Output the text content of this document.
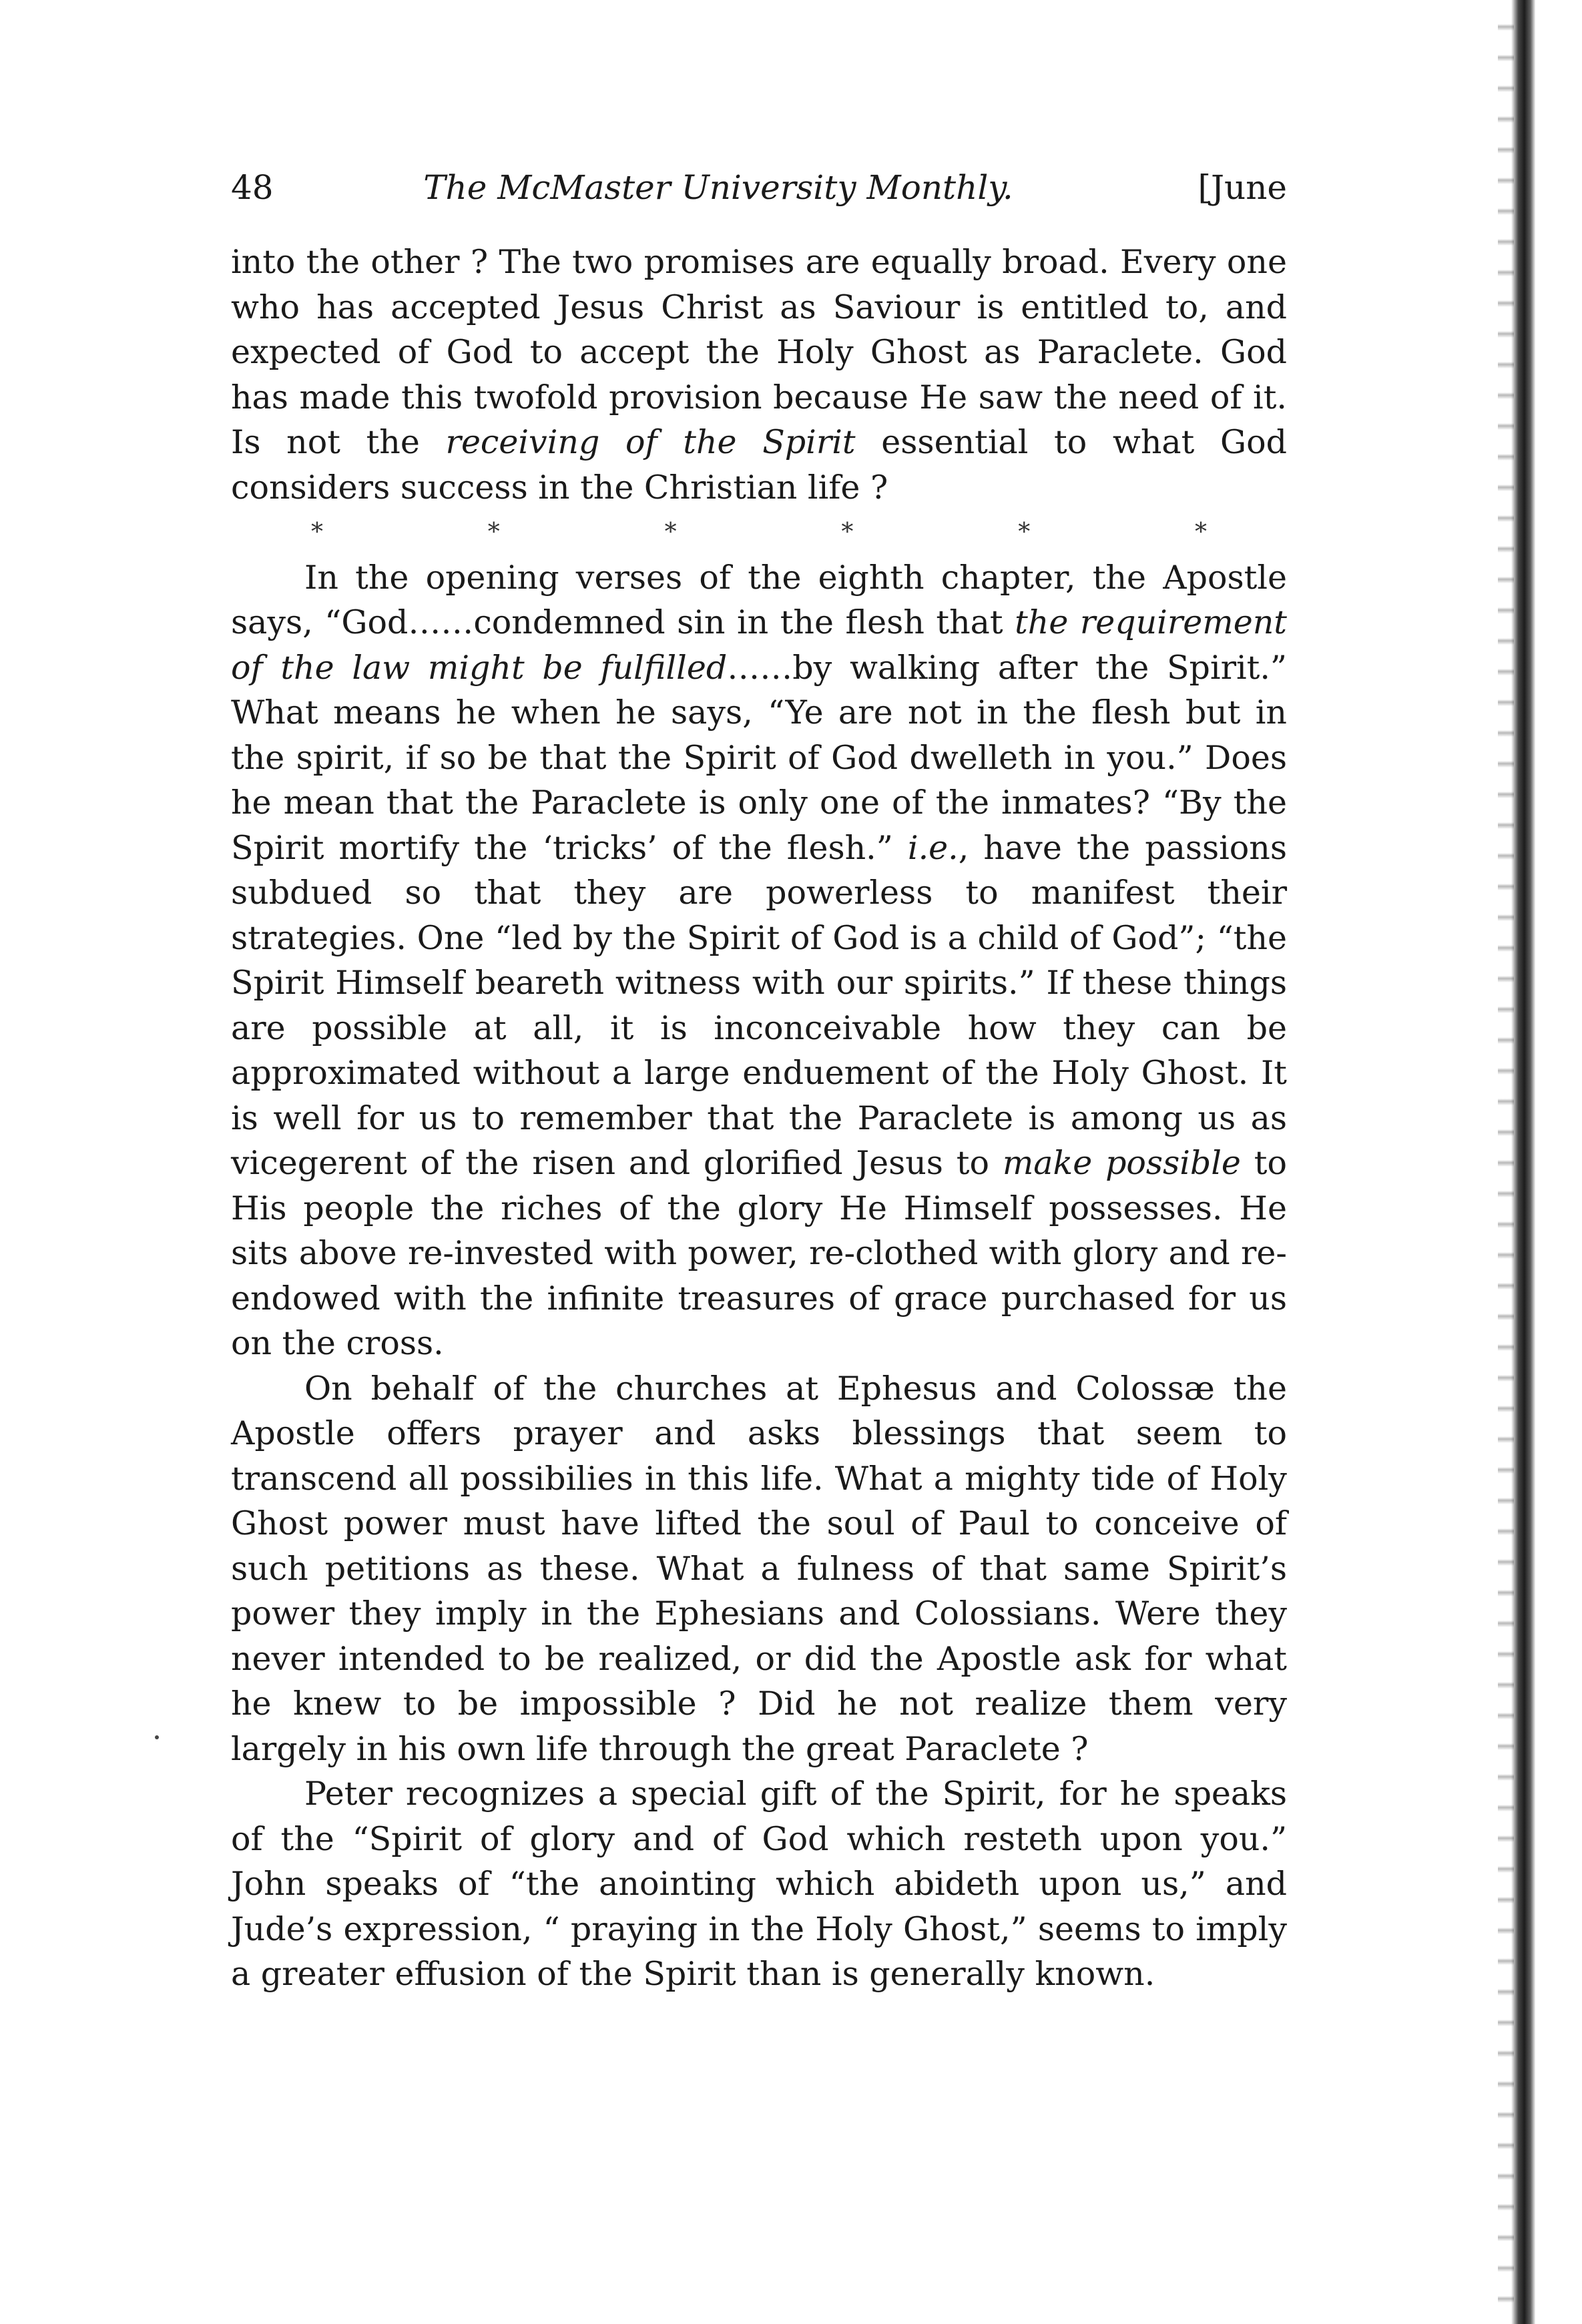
48	The McMaster University Monthly.	[June

into the other ? The two promises are equally broad. Every one who has accepted Jesus Christ as Saviour is entitled to, and expected of God to accept the Holy Ghost as Paraclete. God has made this twofold provision because He saw the need of it. Is not the receiving of the Spirit essential to what God considers success in the Christian life ?

*	*	*	*	*	*

In the opening verses of the eighth chapter, the Apostle says, “God……condemned sin in the flesh that the requirement of the law might be fulfilled……by walking after the Spirit.” What means he when he says, “Ye are not in the flesh but in the spirit, if so be that the Spirit of God dwelleth in you.” Does he mean that the Paraclete is only one of the inmates? “By the Spirit mortify the ‘tricks’ of the flesh.” i.e., have the passions subdued so that they are powerless to manifest their strategies. One “led by the Spirit of God is a child of God”; “the Spirit Himself beareth witness with our spirits.” If these things are possible at all, it is inconceivable how they can be approximated without a large enduement of the Holy Ghost. It is well for us to remember that the Paraclete is among us as vicegerent of the risen and glorified Jesus to make possible to His people the riches of the glory He Himself possesses. He sits above re-invested with power, re-clothed with glory and re-endowed with the infinite treasures of grace purchased for us on the cross.

On behalf of the churches at Ephesus and Colossæ the Apostle offers prayer and asks blessings that seem to transcend all possibilies in this life. What a mighty tide of Holy Ghost power must have lifted the soul of Paul to conceive of such petitions as these. What a fulness of that same Spirit’s power they imply in the Ephesians and Colossians. Were they never intended to be realized, or did the Apostle ask for what he knew to be impossible ? Did he not realize them very largely in his own life through the great Paraclete ?

Peter recognizes a special gift of the Spirit, for he speaks of the “Spirit of glory and of God which resteth upon you.” John speaks of “the anointing which abideth upon us,” and Jude’s expression, “ praying in the Holy Ghost,” seems to imply a greater effusion of the Spirit than is generally known.
